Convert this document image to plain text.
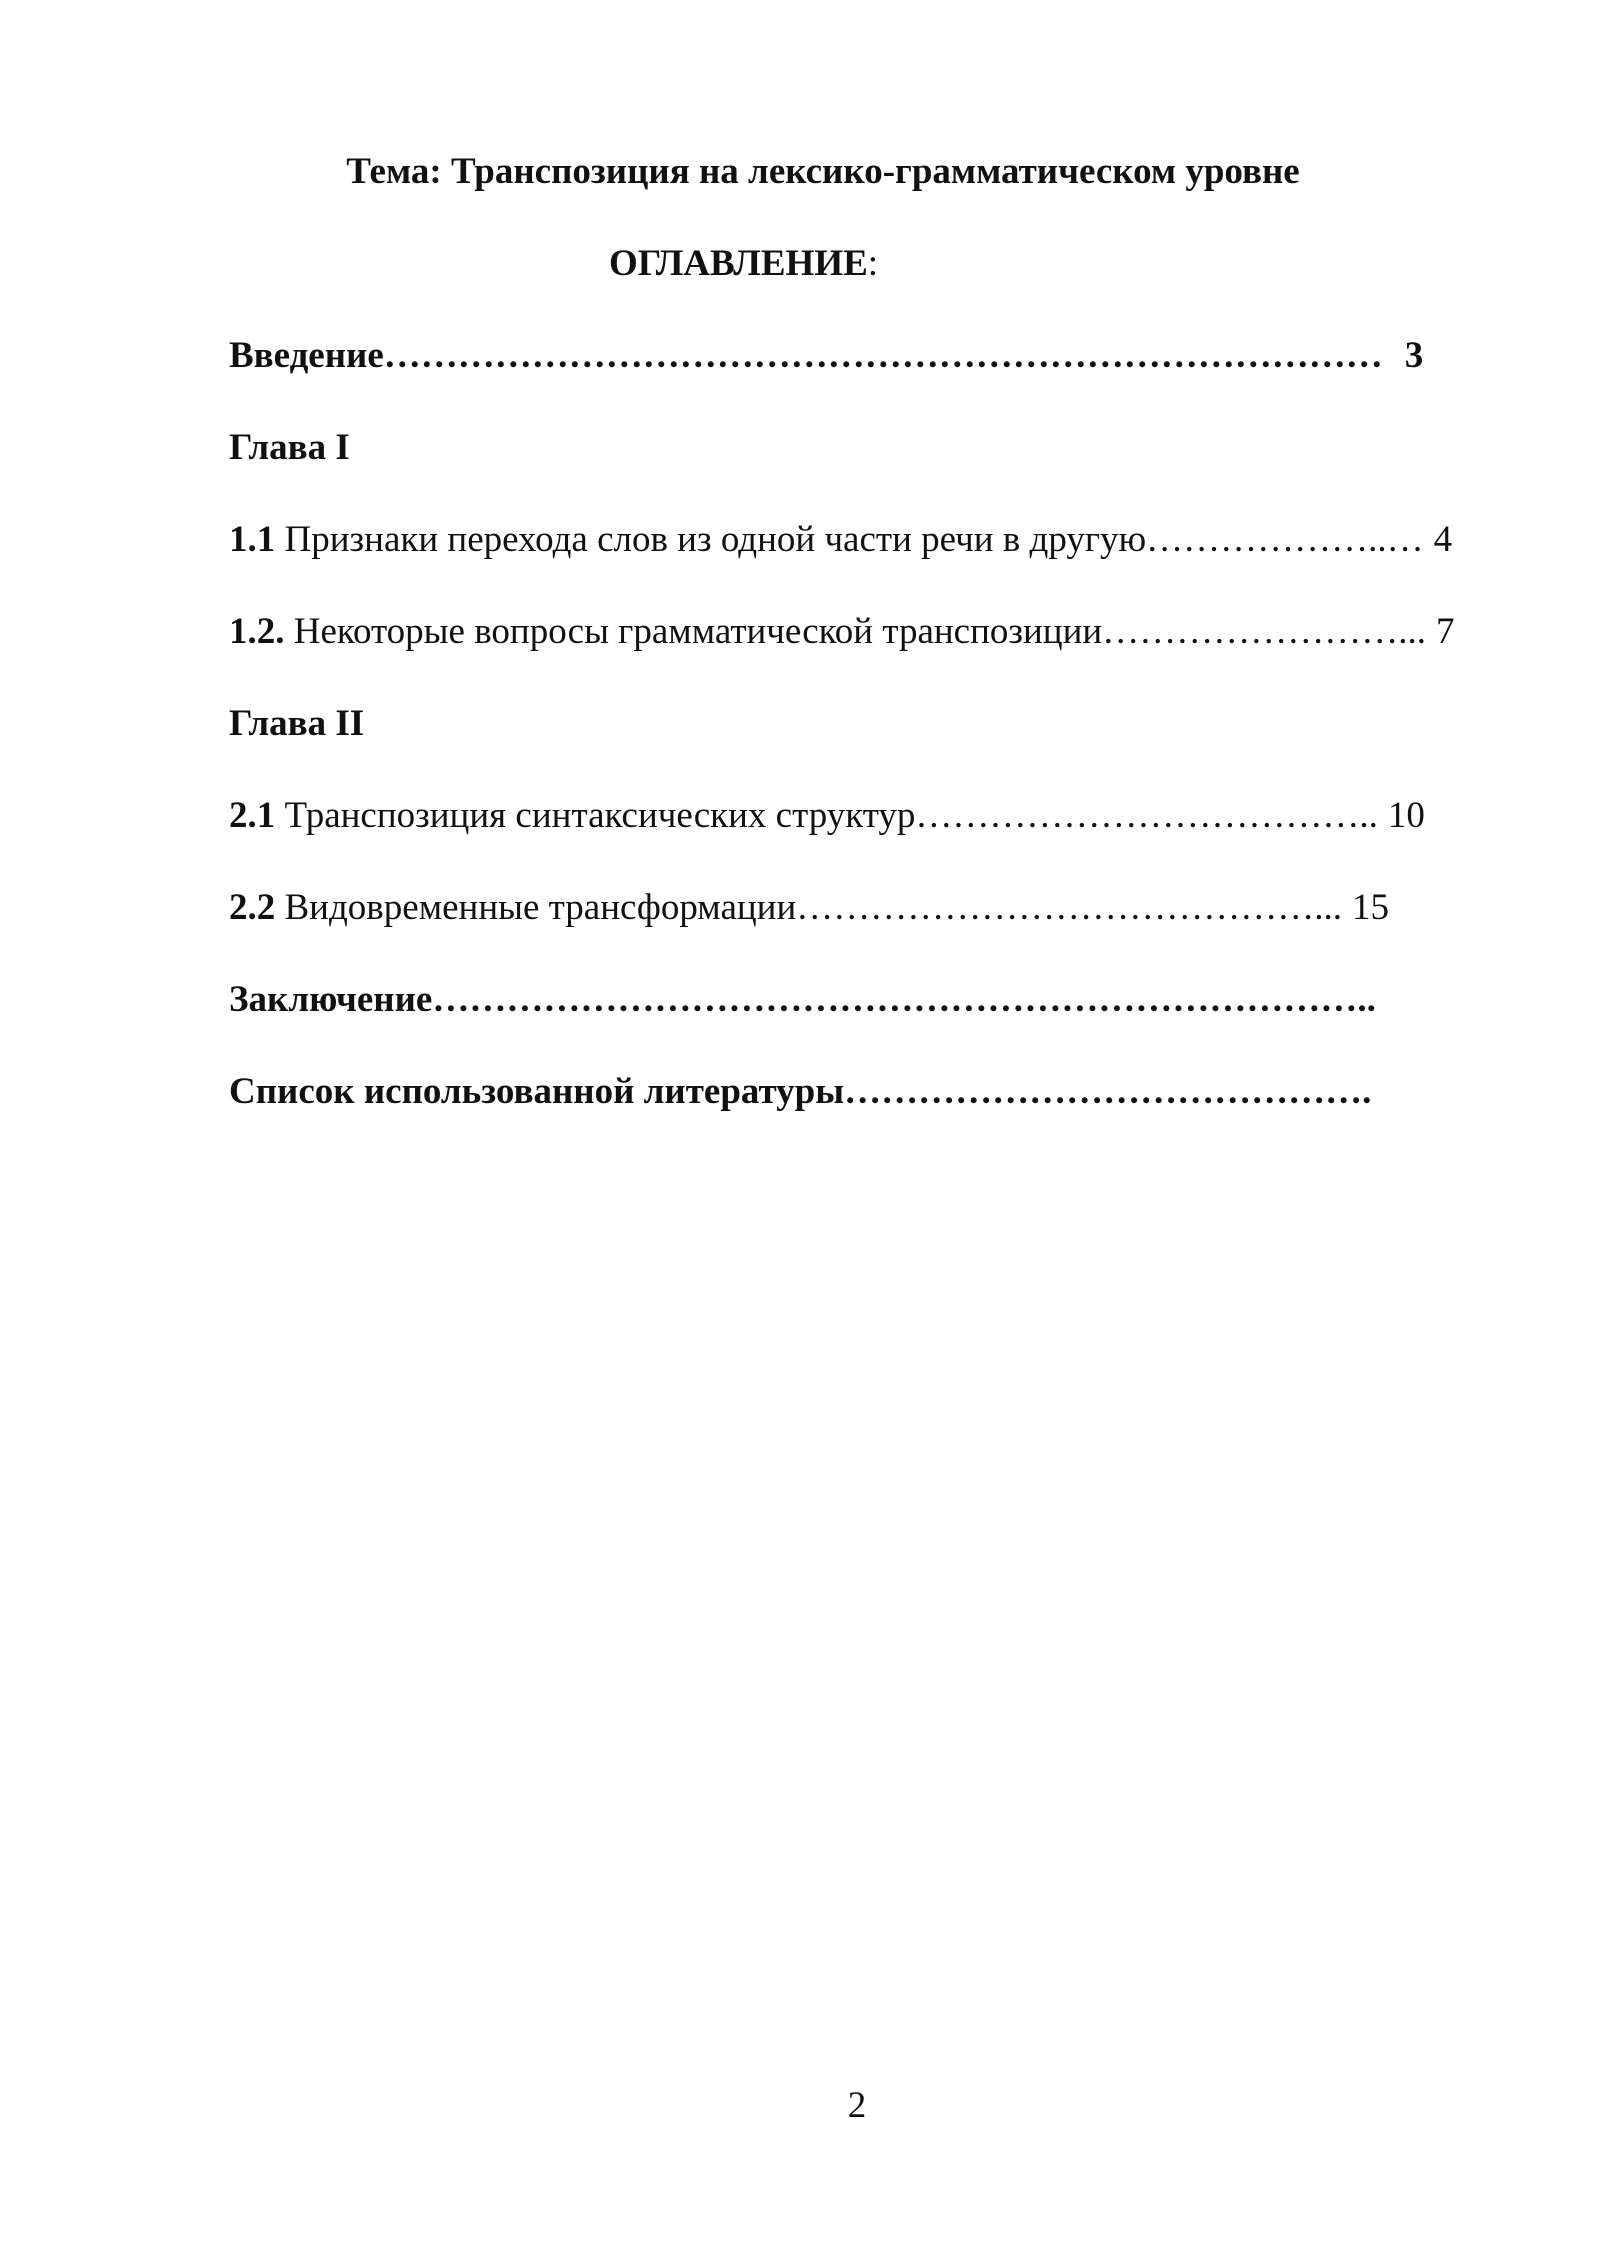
Тема: Транспозиция на лексико-грамматическом уровне
ОГЛАВЛЕНИЕ:
Введение……………………………………………………………………… 3
Глава I
1.1 Признаки перехода слов из одной части речи в другую………………..… 4
1.2. Некоторые вопросы грамматической транспозиции……………………... 7
Глава II
2.1 Транспозиция синтаксических структур……………………………….. 10
2.2 Видовременные трансформации……………………………………... 15
Заключение…………………………………………………………………..
Список использованной литературы…………………………………….
2
